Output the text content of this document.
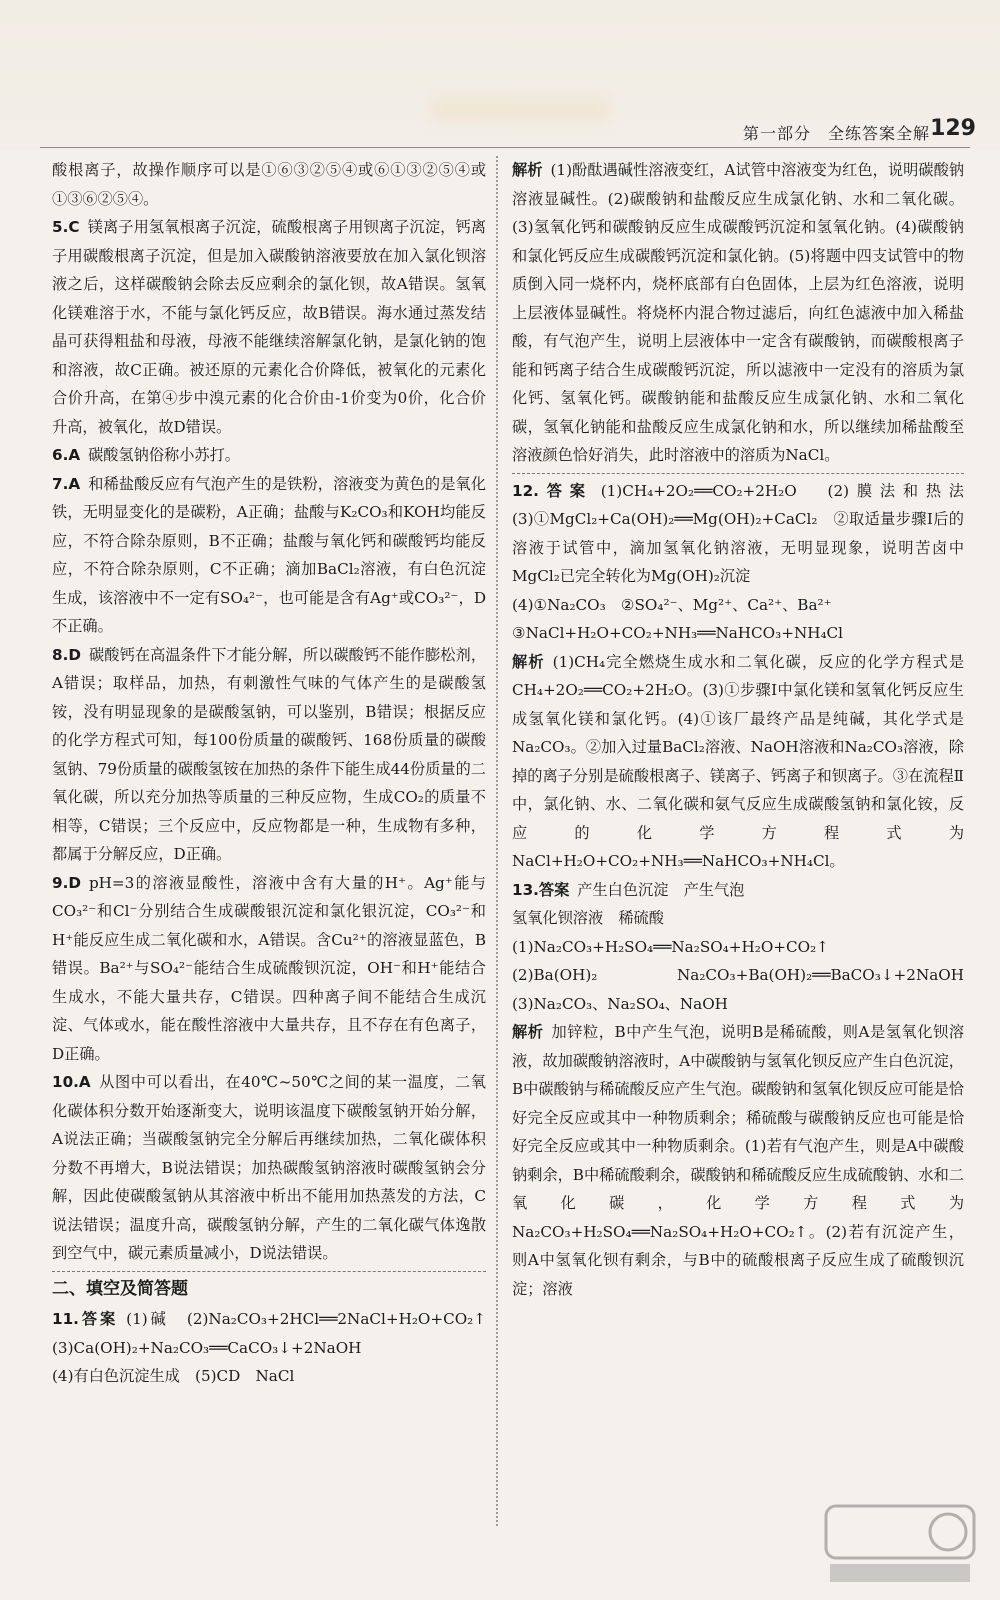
第一部分　全练答案全解 129

酸根离子，故操作顺序可以是①⑥③②⑤④或⑥①③②⑤④或①③⑥②⑤④。

5.C 镁离子用氢氧根离子沉淀，硫酸根离子用钡离子沉淀，钙离子用碳酸根离子沉淀，但是加入碳酸钠溶液要放在加入氯化钡溶液之后，这样碳酸钠会除去反应剩余的氯化钡，故A错误。氢氧化镁难溶于水，不能与氯化钙反应，故B错误。海水通过蒸发结晶可获得粗盐和母液，母液不能继续溶解氯化钠，是氯化钠的饱和溶液，故C正确。被还原的元素化合价降低，被氧化的元素化合价升高，在第④步中溴元素的化合价由-1价变为0价，化合价升高，被氧化，故D错误。

6.A 碳酸氢钠俗称小苏打。

7.A 和稀盐酸反应有气泡产生的是铁粉，溶液变为黄色的是氧化铁，无明显变化的是碳粉，A正确；盐酸与K₂CO₃和KOH均能反应，不符合除杂原则，B不正确；盐酸与氧化钙和碳酸钙均能反应，不符合除杂原则，C不正确；滴加BaCl₂溶液，有白色沉淀生成，该溶液中不一定有SO₄²⁻，也可能是含有Ag⁺或CO₃²⁻，D不正确。

8.D 碳酸钙在高温条件下才能分解，所以碳酸钙不能作膨松剂，A错误；取样品，加热，有刺激性气味的气体产生的是碳酸氢铵，没有明显现象的是碳酸氢钠，可以鉴别，B错误；根据反应的化学方程式可知，每100份质量的碳酸钙、168份质量的碳酸氢钠、79份质量的碳酸氢铵在加热的条件下能生成44份质量的二氧化碳，所以充分加热等质量的三种反应物，生成CO₂的质量不相等，C错误；三个反应中，反应物都是一种，生成物有多种，都属于分解反应，D正确。

9.D pH=3的溶液显酸性，溶液中含有大量的H⁺。Ag⁺能与CO₃²⁻和Cl⁻分别结合生成碳酸银沉淀和氯化银沉淀，CO₃²⁻和H⁺能反应生成二氧化碳和水，A错误。含Cu²⁺的溶液显蓝色，B错误。Ba²⁺与SO₄²⁻能结合生成硫酸钡沉淀，OH⁻和H⁺能结合生成水，不能大量共存，C错误。四种离子间不能结合生成沉淀、气体或水，能在酸性溶液中大量共存，且不存在有色离子，D正确。

10.A 从图中可以看出，在40℃~50℃之间的某一温度，二氧化碳体积分数开始逐渐变大，说明该温度下碳酸氢钠开始分解，A说法正确；当碳酸氢钠完全分解后再继续加热，二氧化碳体积分数不再增大，B说法错误；加热碳酸氢钠溶液时碳酸氢钠会分解，因此使碳酸氢钠从其溶液中析出不能用加热蒸发的方法，C说法错误；温度升高，碳酸氢钠分解，产生的二氧化碳气体逸散到空气中，碳元素质量减小，D说法错误。

二、填空及简答题

11.答案 (1)碱　(2)Na₂CO₃+2HCl══2NaCl+H₂O+CO₂↑　(3)Ca(OH)₂+Na₂CO₃══CaCO₃↓+2NaOH

(4)有白色沉淀生成　(5)CD　NaCl

解析 (1)酚酞遇碱性溶液变红，A试管中溶液变为红色，说明碳酸钠溶液显碱性。(2)碳酸钠和盐酸反应生成氯化钠、水和二氧化碳。(3)氢氧化钙和碳酸钠反应生成碳酸钙沉淀和氢氧化钠。(4)碳酸钠和氯化钙反应生成碳酸钙沉淀和氯化钠。(5)将题中四支试管中的物质倒入同一烧杯内，烧杯底部有白色固体，上层为红色溶液，说明上层液体显碱性。将烧杯内混合物过滤后，向红色滤液中加入稀盐酸，有气泡产生，说明上层液体中一定含有碳酸钠，而碳酸根离子能和钙离子结合生成碳酸钙沉淀，所以滤液中一定没有的溶质为氯化钙、氢氧化钙。碳酸钠能和盐酸反应生成氯化钠、水和二氧化碳，氢氧化钠能和盐酸反应生成氯化钠和水，所以继续加稀盐酸至溶液颜色恰好消失，此时溶液中的溶质为NaCl。

12.答案 (1)CH₄+2O₂══CO₂+2H₂O　(2)膜法和热法　(3)①MgCl₂+Ca(OH)₂══Mg(OH)₂+CaCl₂　②取适量步骤Ⅰ后的溶液于试管中，滴加氢氧化钠溶液，无明显现象，说明苦卤中MgCl₂已完全转化为Mg(OH)₂沉淀

(4)①Na₂CO₃　②SO₄²⁻、Mg²⁺、Ca²⁺、Ba²⁺

③NaCl+H₂O+CO₂+NH₃══NaHCO₃+NH₄Cl

解析 (1)CH₄完全燃烧生成水和二氧化碳，反应的化学方程式是CH₄+2O₂══CO₂+2H₂O。(3)①步骤Ⅰ中氯化镁和氢氧化钙反应生成氢氧化镁和氯化钙。(4)①该厂最终产品是纯碱，其化学式是Na₂CO₃。②加入过量BaCl₂溶液、NaOH溶液和Na₂CO₃溶液，除掉的离子分别是硫酸根离子、镁离子、钙离子和钡离子。③在流程Ⅱ中，氯化钠、水、二氧化碳和氨气反应生成碳酸氢钠和氯化铵，反应的化学方程式为NaCl+H₂O+CO₂+NH₃══NaHCO₃+NH₄Cl。

13.答案 产生白色沉淀　产生气泡

氢氧化钡溶液　稀硫酸

(1)Na₂CO₃+H₂SO₄══Na₂SO₄+H₂O+CO₂↑

(2)Ba(OH)₂　Na₂CO₃+Ba(OH)₂══BaCO₃↓+2NaOH　(3)Na₂CO₃、Na₂SO₄、NaOH

解析 加锌粒，B中产生气泡，说明B是稀硫酸，则A是氢氧化钡溶液，故加碳酸钠溶液时，A中碳酸钠与氢氧化钡反应产生白色沉淀，B中碳酸钠与稀硫酸反应产生气泡。碳酸钠和氢氧化钡反应可能是恰好完全反应或其中一种物质剩余；稀硫酸与碳酸钠反应也可能是恰好完全反应或其中一种物质剩余。(1)若有气泡产生，则是A中碳酸钠剩余，B中稀硫酸剩余，碳酸钠和稀硫酸反应生成硫酸钠、水和二氧化碳，化学方程式为Na₂CO₃+H₂SO₄══Na₂SO₄+H₂O+CO₂↑。(2)若有沉淀产生，则A中氢氧化钡有剩余，与B中的硫酸根离子反应生成了硫酸钡沉淀；溶液
